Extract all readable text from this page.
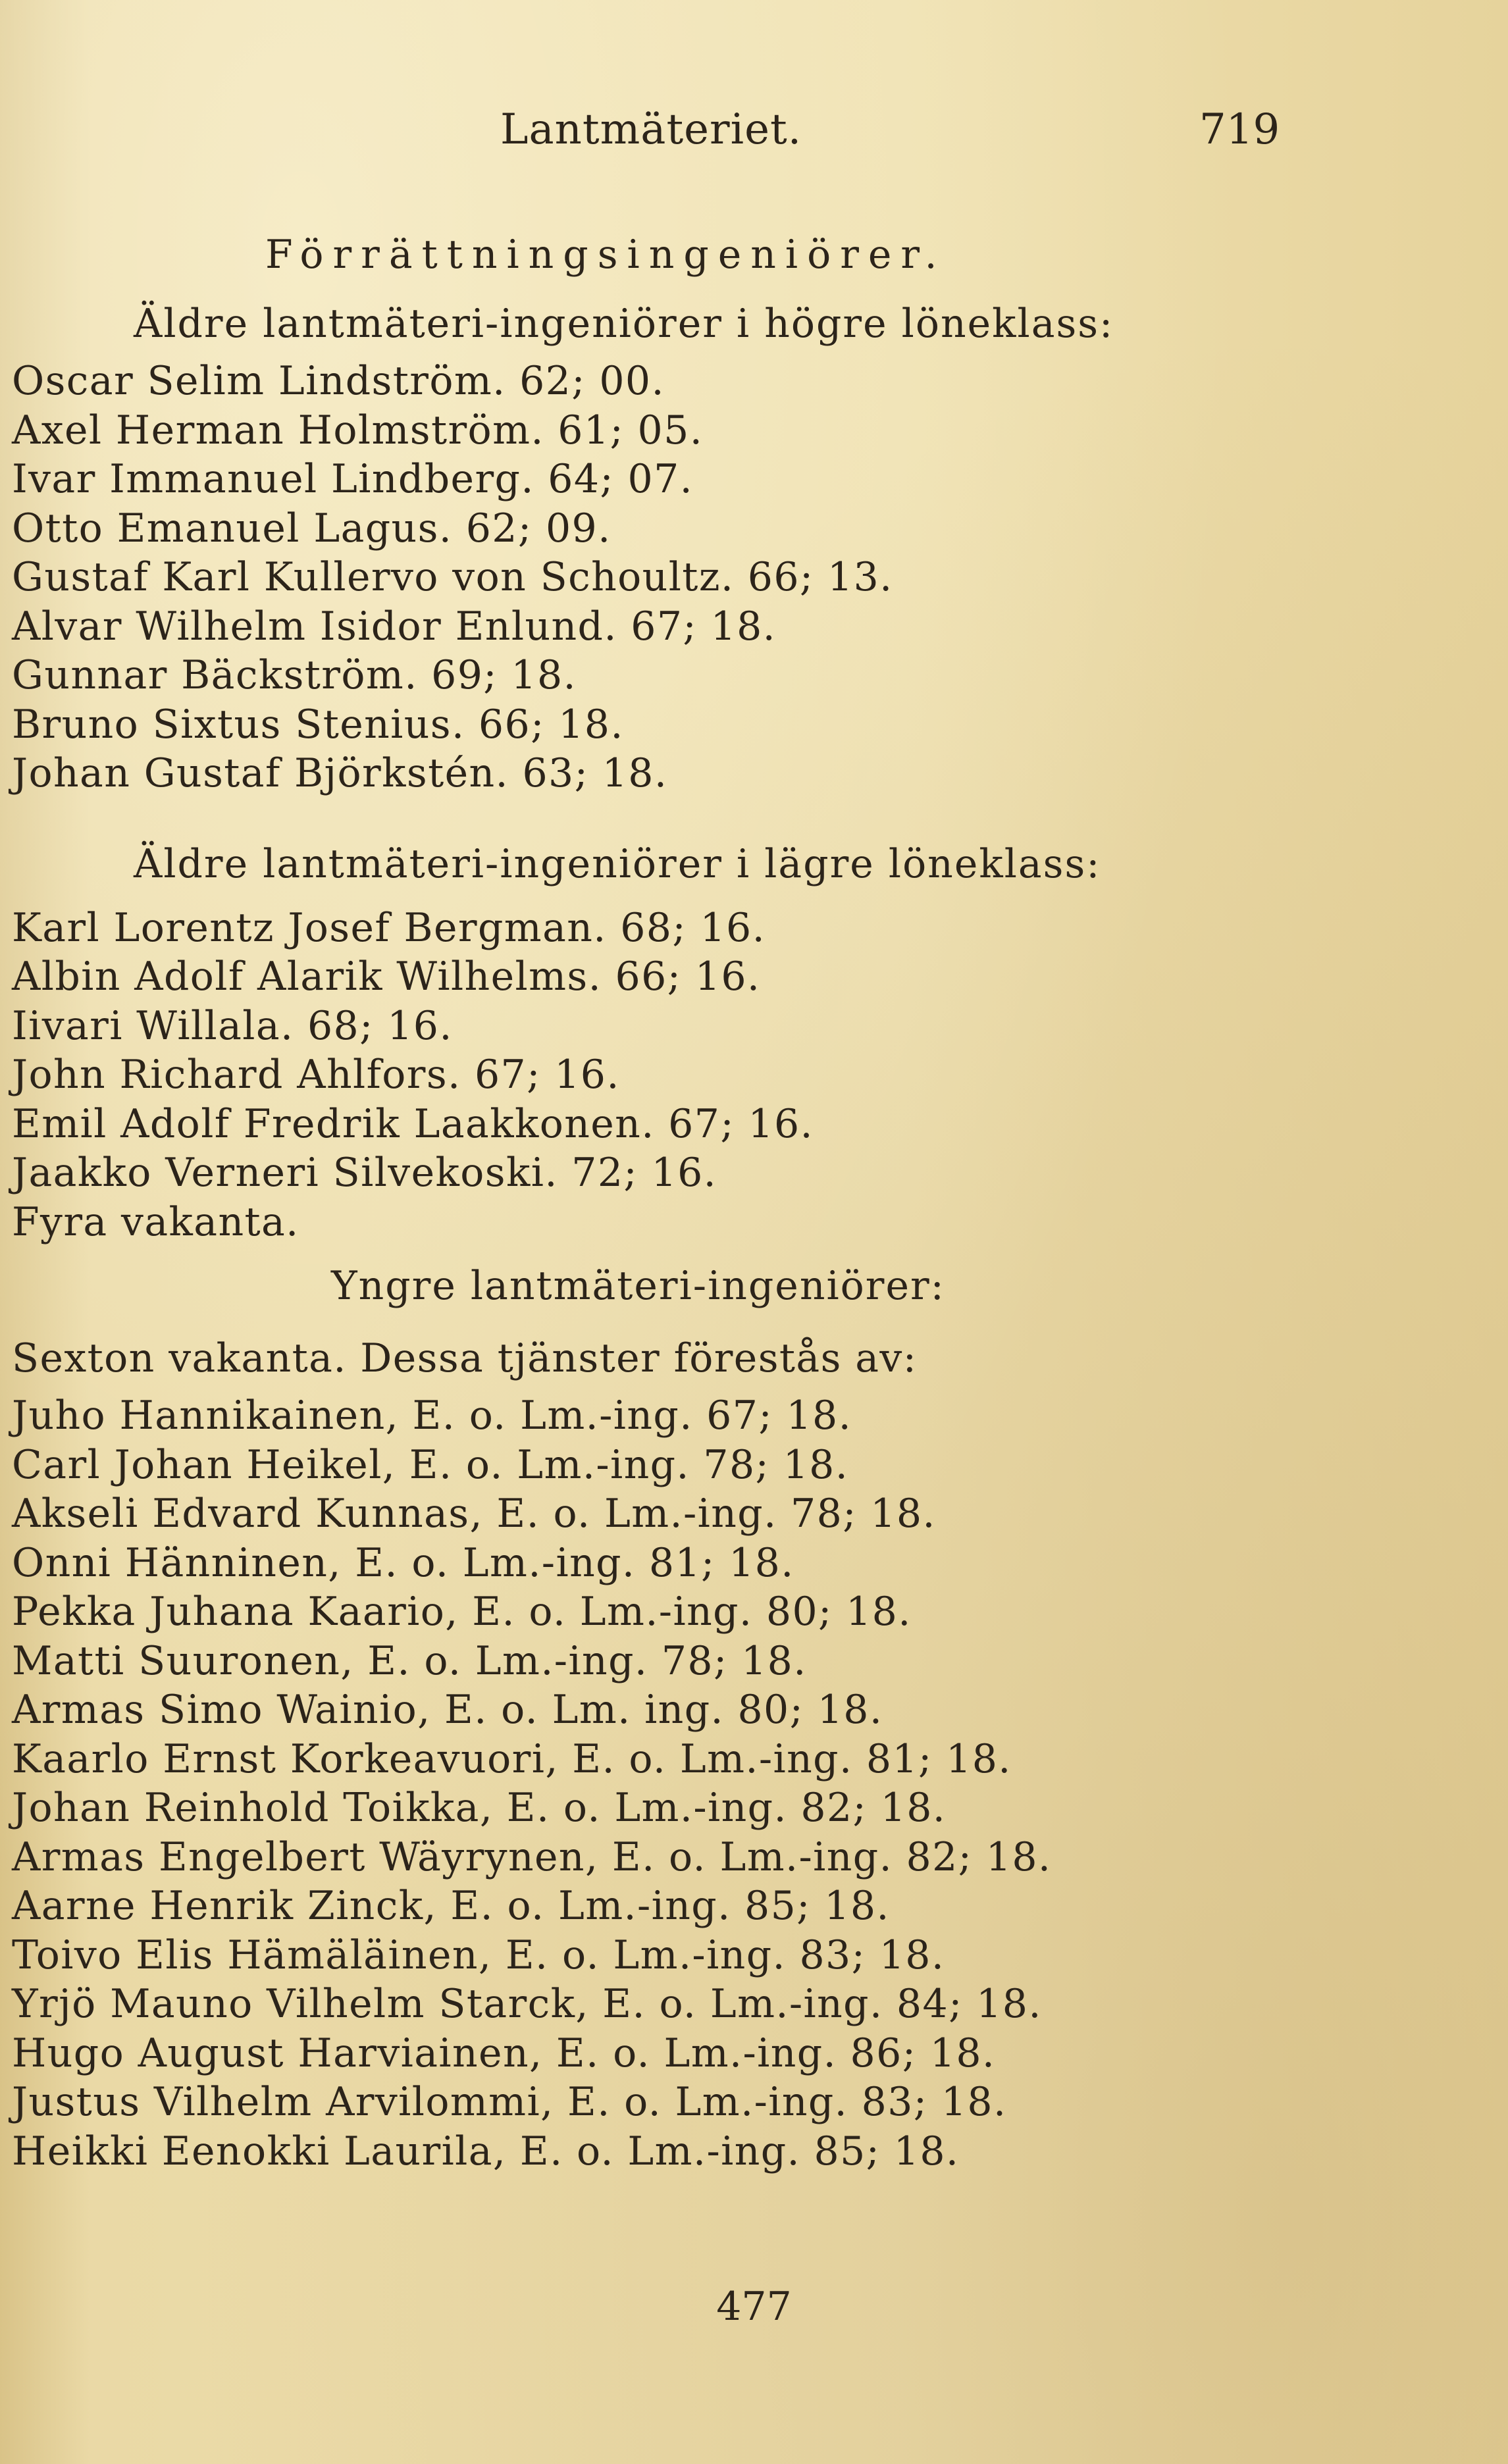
Lantmäteriet.	719
Förrättningsingeniörer.
Äldre lantmäteri-ingeniörer i högre löneklass:
Oscar Selim Lindström. 62; 00.
Axel Herman Holmström. 61; 05.
Ivar Immanuel Lindberg. 64; 07.
Otto Emanuel Lagus. 62; 09.
Gustaf Karl Kullervo von Schoultz. 66; 13.
Alvar Wilhelm Isidor Enlund. 67; 18.
Gunnar Bäckström. 69; 18.
Bruno Sixtus Stenius. 66; 18.
Johan Gustaf Björkstén. 63; 18.
Äldre lantmäteri-ingeniörer i lägre löneklass:
Karl Lorentz Josef Bergman. 68; 16.
Albin Adolf Alarik Wilhelms. 66; 16.
Iivari Willala. 68; 16.
John Richard Ahlfors. 67; 16.
Emil Adolf Fredrik Laakkonen. 67; 16.
Jaakko Verneri Silvekoski. 72; 16.
Fyra vakanta.
Yngre lantmäteri-ingeniörer:
Sexton vakanta. Dessa tjänster förestås av:
Juho Hannikainen, E. o. Lm.-ing. 67; 18.
Carl Johan Heikel, E. o. Lm.-ing. 78; 18.
Akseli Edvard Kunnas, E. o. Lm.-ing. 78; 18.
Onni Hänninen, E. o. Lm.-ing. 81; 18.
Pekka Juhana Kaario, E. o. Lm.-ing. 80; 18.
Matti Suuronen, E. o. Lm.-ing. 78; 18.
Armas Simo Wainio, E. o. Lm. ing. 80; 18.
Kaarlo Ernst Korkeavuori, E. o. Lm.-ing. 81; 18.
Johan Reinhold Toikka, E. o. Lm.-ing. 82; 18.
Armas Engelbert Wäyrynen, E. o. Lm.-ing. 82; 18.
Aarne Henrik Zinck, E. o. Lm.-ing. 85; 18.
Toivo Elis Hämäläinen, E. o. Lm.-ing. 83; 18.
Yrjö Mauno Vilhelm Starck, E. o. Lm.-ing. 84; 18.
Hugo August Harviainen, E. o. Lm.-ing. 86; 18.
Justus Vilhelm Arvilommi, E. o. Lm.-ing. 83; 18.
Heikki Eenokki Laurila, E. o. Lm.-ing. 85; 18.
477
